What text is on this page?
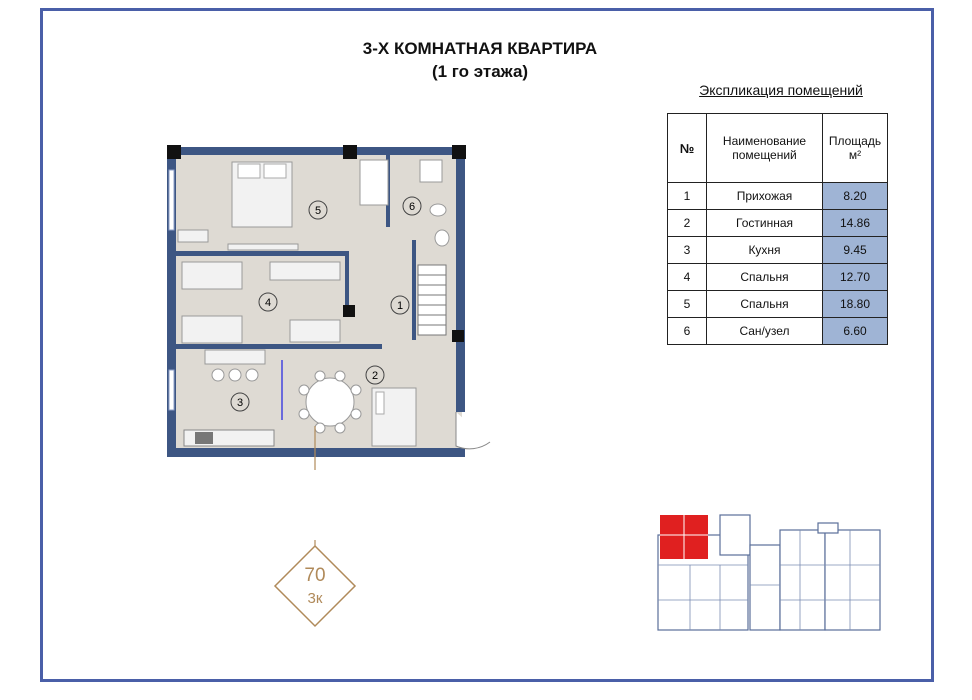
3-Х КОМНАТНАЯ КВАРТИРА
(1 го этажа)
Экспликация помещений
№	Наименование помещений	Площадь м²
1	Прихожая	8.20
2	Гостинная	14.86
3	Кухня	9.45
4	Спальня	12.70
5	Спальня	18.80
6	Сан/узел	6.60
1
2
3
4
5	6
70
3к
